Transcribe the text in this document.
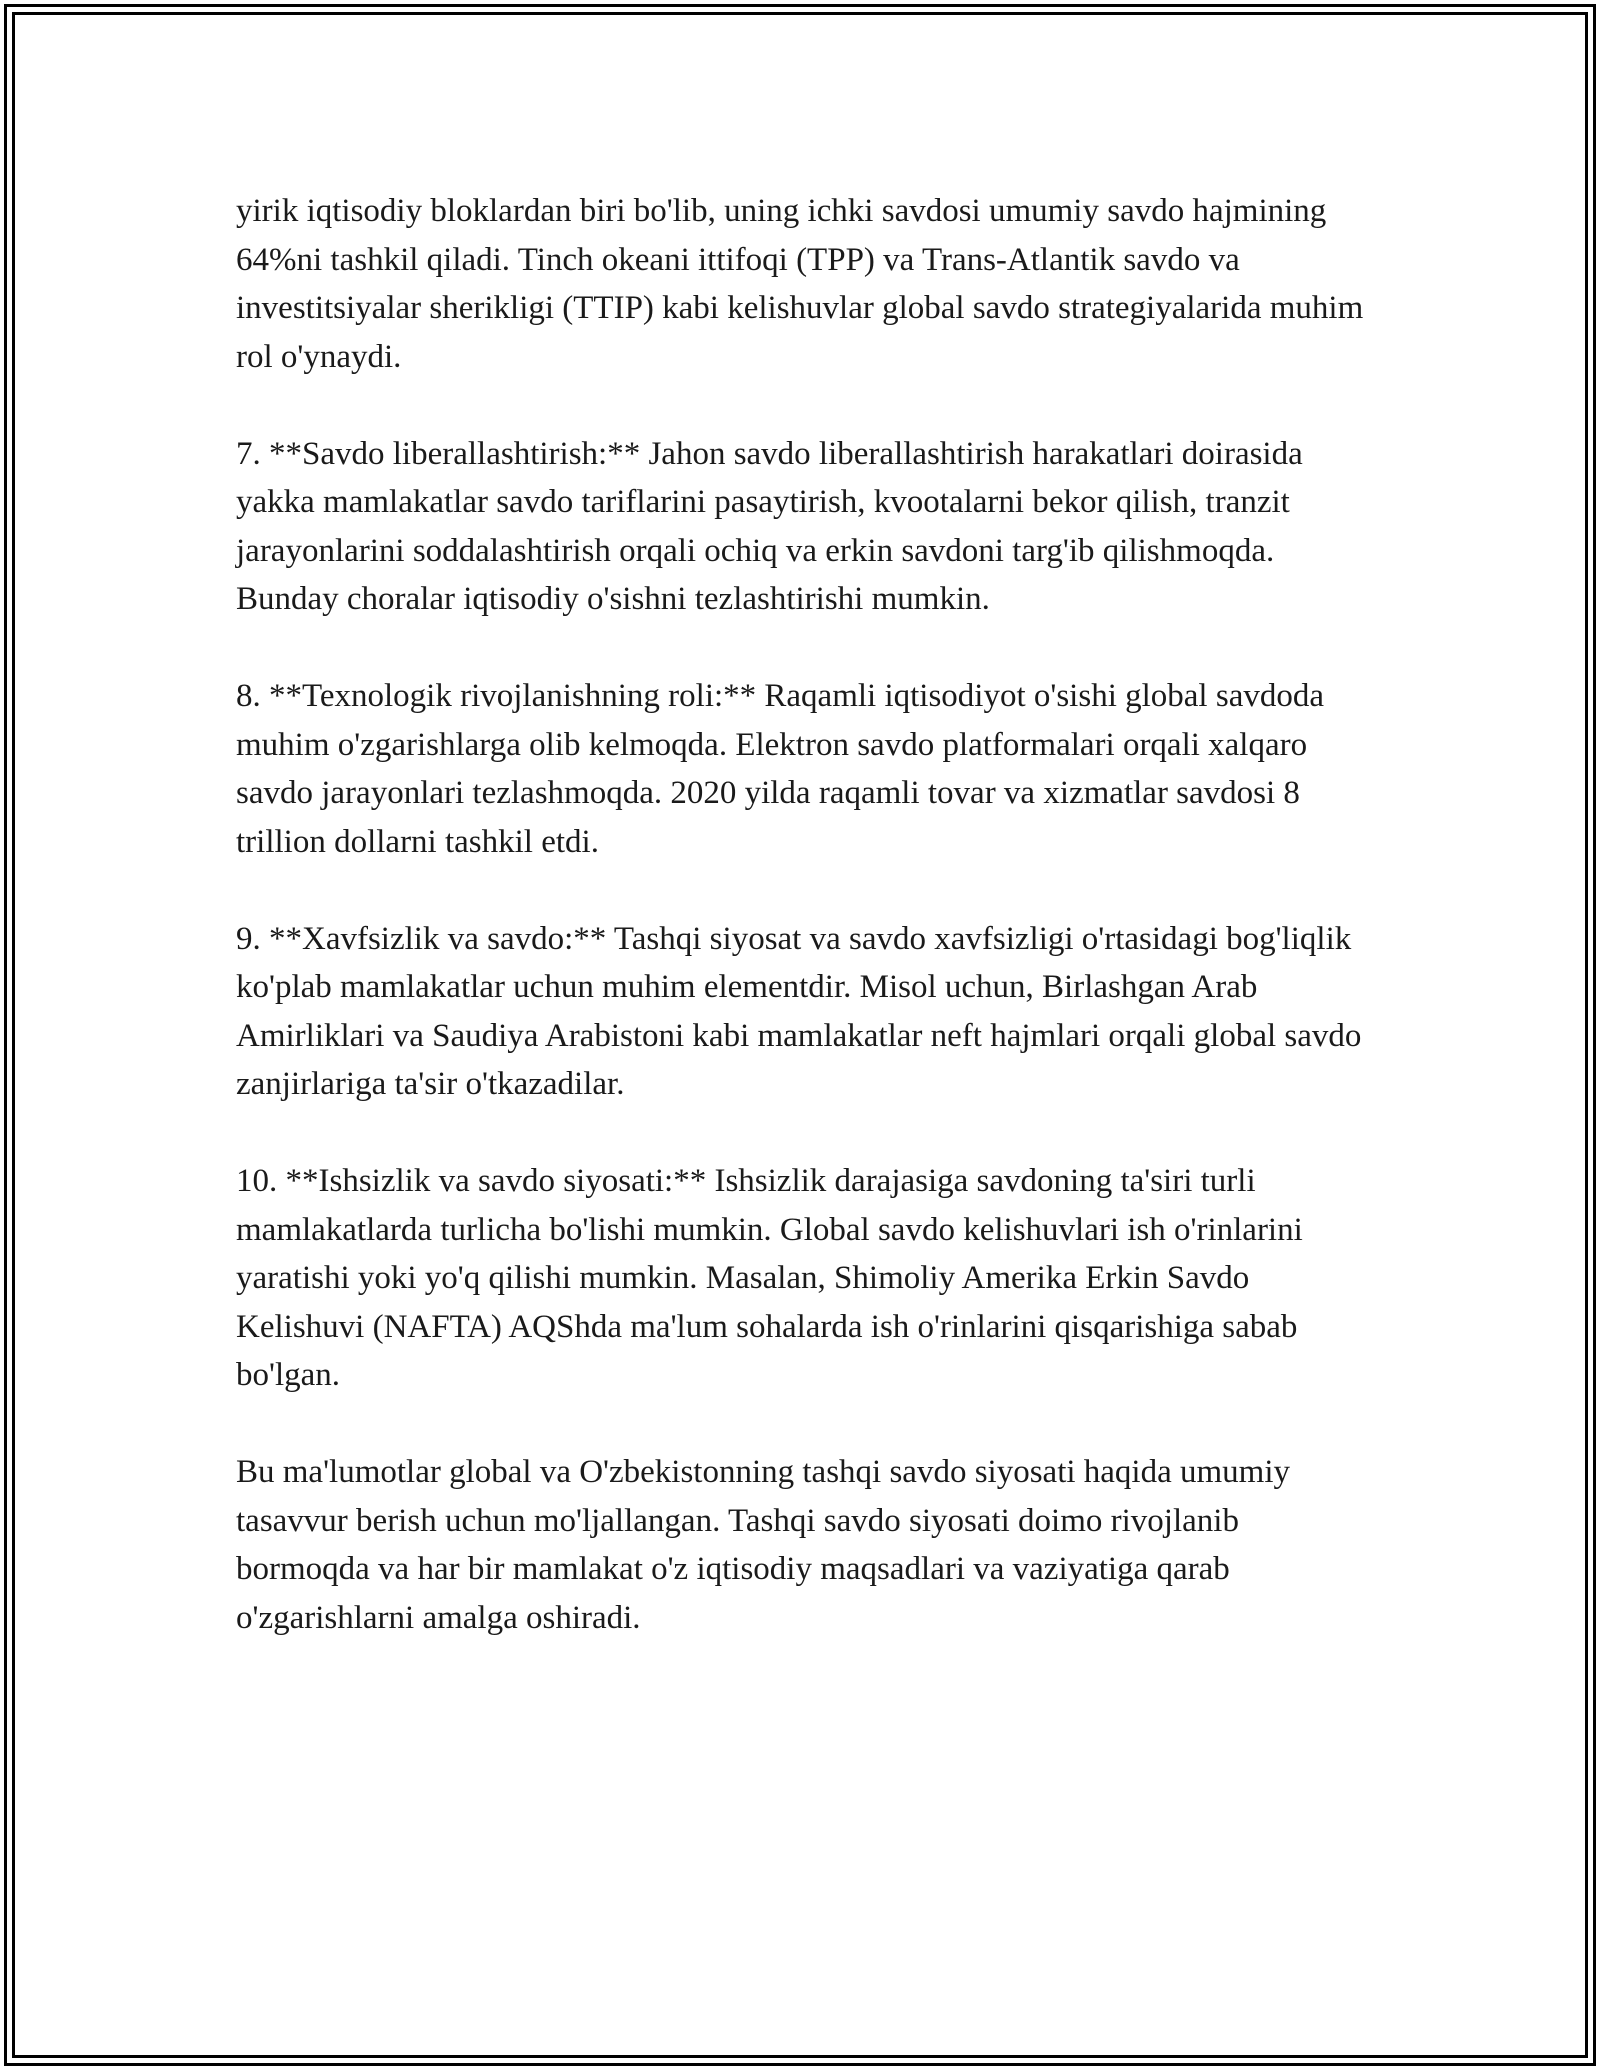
yirik iqtisodiy bloklardan biri bo'lib, uning ichki savdosi umumiy savdo hajmining 64%ni tashkil qiladi. Tinch okeani ittifoqi (TPP) va Trans-Atlantik savdo va investitsiyalar sherikligi (TTIP) kabi kelishuvlar global savdo strategiyalarida muhim rol o'ynaydi.

7. **Savdo liberallashtirish:** Jahon savdo liberallashtirish harakatlari doirasida yakka mamlakatlar savdo tariflarini pasaytirish, kvootalarni bekor qilish, tranzit jarayonlarini soddalashtirish orqali ochiq va erkin savdoni targ'ib qilishmoqda. Bunday choralar iqtisodiy o'sishni tezlashtirishi mumkin.

8. **Texnologik rivojlanishning roli:** Raqamli iqtisodiyot o'sishi global savdoda muhim o'zgarishlarga olib kelmoqda. Elektron savdo platformalari orqali xalqaro savdo jarayonlari tezlashmoqda. 2020 yilda raqamli tovar va xizmatlar savdosi 8 trillion dollarni tashkil etdi.

9. **Xavfsizlik va savdo:** Tashqi siyosat va savdo xavfsizligi o'rtasidagi bog'liqlik ko'plab mamlakatlar uchun muhim elementdir. Misol uchun, Birlashgan Arab Amirliklari va Saudiya Arabistoni kabi mamlakatlar neft hajmlari orqali global savdo zanjirlariga ta'sir o'tkazadilar.

10. **Ishsizlik va savdo siyosati:** Ishsizlik darajasiga savdoning ta'siri turli mamlakatlarda turlicha bo'lishi mumkin. Global savdo kelishuvlari ish o'rinlarini yaratishi yoki yo'q qilishi mumkin. Masalan, Shimoliy Amerika Erkin Savdo Kelishuvi (NAFTA) AQShda ma'lum sohalarda ish o'rinlarini qisqarishiga sabab bo'lgan.

Bu ma'lumotlar global va O'zbekistonning tashqi savdo siyosati haqida umumiy tasavvur berish uchun mo'ljallangan. Tashqi savdo siyosati doimo rivojlanib bormoqda va har bir mamlakat o'z iqtisodiy maqsadlari va vaziyatiga qarab o'zgarishlarni amalga oshiradi.
